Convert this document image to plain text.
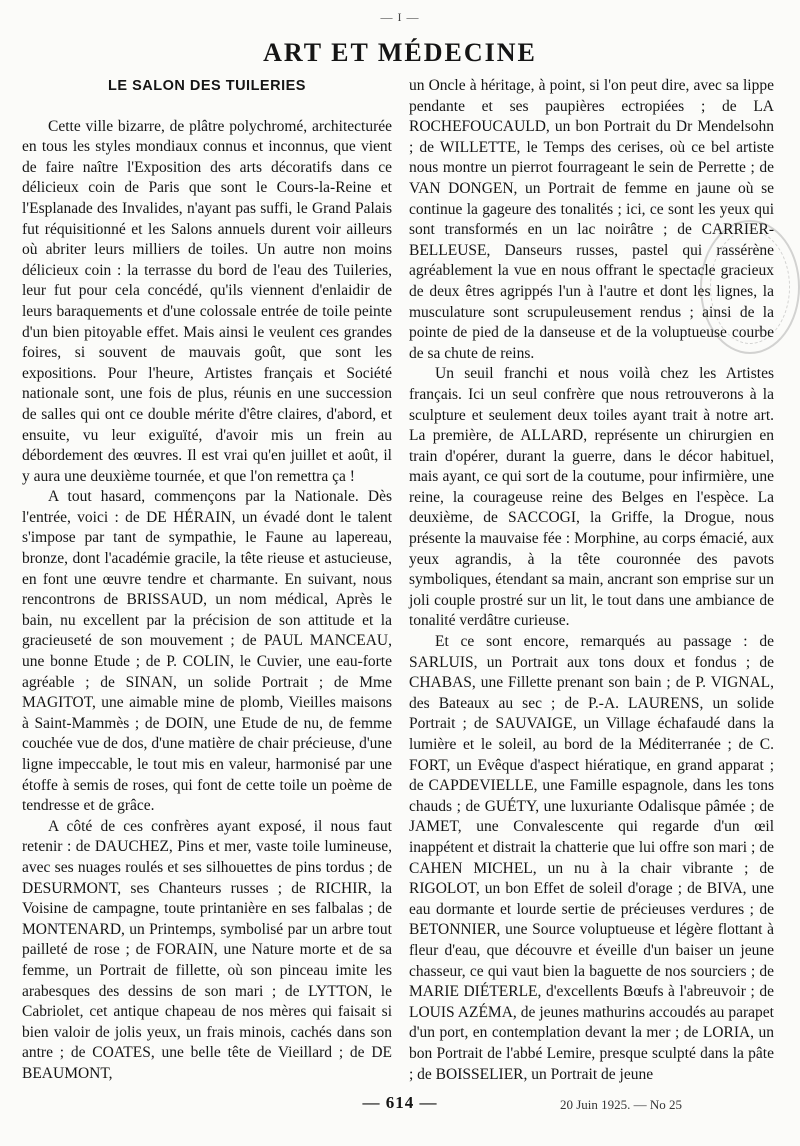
— I —
ART ET MÉDECINE
LE SALON DES TUILERIES

Cette ville bizarre, de plâtre polychromé, architecturée en tous les styles mondiaux connus et inconnus, que vient de faire naître l'Exposition des arts décoratifs dans ce délicieux coin de Paris que sont le Cours-la-Reine et l'Esplanade des Invalides, n'ayant pas suffi, le Grand Palais fut réquisitionné et les Salons annuels durent voir ailleurs où abriter leurs milliers de toiles. Un autre non moins délicieux coin : la terrasse du bord de l'eau des Tuileries, leur fut pour cela concédé, qu'ils viennent d'enlaidir de leurs baraquements et d'une colossale entrée de toile peinte d'un bien pitoyable effet. Mais ainsi le veulent ces grandes foires, si souvent de mauvais goût, que sont les expositions. Pour l'heure, Artistes français et Société nationale sont, une fois de plus, réunis en une succession de salles qui ont ce double mérite d'être claires, d'abord, et ensuite, vu leur exiguïté, d'avoir mis un frein au débordement des œuvres. Il est vrai qu'en juillet et août, il y aura une deuxième tournée, et que l'on remettra ça !

A tout hasard, commençons par la Nationale. Dès l'entrée, voici : de DE HÉRAIN, un évadé dont le talent s'impose par tant de sympathie, le Faune au lapereau, bronze, dont l'académie gracile, la tête rieuse et astucieuse, en font une œuvre tendre et charmante. En suivant, nous rencontrons de BRISSAUD, un nom médical, Après le bain, nu excellent par la précision de son attitude et la gracieuseté de son mouvement ; de PAUL MANCEAU, une bonne Etude ; de P. COLIN, le Cuvier, une eau-forte agréable ; de SINAN, un solide Portrait ; de Mme MAGITOT, une aimable mine de plomb, Vieilles maisons à Saint-Mammès ; de DOIN, une Etude de nu, de femme couchée vue de dos, d'une matière de chair précieuse, d'une ligne impeccable, le tout mis en valeur, harmonisé par une étoffe à semis de roses, qui font de cette toile un poème de tendresse et de grâce.

A côté de ces confrères ayant exposé, il nous faut retenir : de DAUCHEZ, Pins et mer, vaste toile lumineuse, avec ses nuages roulés et ses silhouettes de pins tordus ; de DESURMONT, ses Chanteurs russes ; de RICHIR, la Voisine de campagne, toute printanière en ses falbalas ; de MONTENARD, un Printemps, symbolisé par un arbre tout pailleté de rose ; de FORAIN, une Nature morte et de sa femme, un Portrait de fillette, où son pinceau imite les arabesques des dessins de son mari ; de LYTTON, le Cabriolet, cet antique chapeau de nos mères qui faisait si bien valoir de jolis yeux, un frais minois, cachés dans son antre ; de COATES, une belle tête de Vieillard ; de DE BEAUMONT,

un Oncle à héritage, à point, si l'on peut dire, avec sa lippe pendante et ses paupières ectropiées ; de LA ROCHEFOUCAULD, un bon Portrait du Dr Mendelsohn ; de WILLETTE, le Temps des cerises, où ce bel artiste nous montre un pierrot fourrageant le sein de Perrette ; de VAN DONGEN, un Portrait de femme en jaune où se continue la gageure des tonalités ; ici, ce sont les yeux qui sont transformés en un lac noirâtre ; de CARRIER-BELLEUSE, Danseurs russes, pastel qui rassérène agréablement la vue en nous offrant le spectacle gracieux de deux êtres agrippés l'un à l'autre et dont les lignes, la musculature sont scrupuleusement rendus ; ainsi de la pointe de pied de la danseuse et de la voluptueuse courbe de sa chute de reins.

Un seuil franchi et nous voilà chez les Artistes français. Ici un seul confrère que nous retrouverons à la sculpture et seulement deux toiles ayant trait à notre art. La première, de ALLARD, représente un chirurgien en train d'opérer, durant la guerre, dans le décor habituel, mais ayant, ce qui sort de la coutume, pour infirmière, une reine, la courageuse reine des Belges en l'espèce. La deuxième, de SACCOGI, la Griffe, la Drogue, nous présente la mauvaise fée : Morphine, au corps émacié, aux yeux agrandis, à la tête couronnée des pavots symboliques, étendant sa main, ancrant son emprise sur un joli couple prostré sur un lit, le tout dans une ambiance de tonalité verdâtre curieuse.

Et ce sont encore, remarqués au passage : de SARLUIS, un Portrait aux tons doux et fondus ; de CHABAS, une Fillette prenant son bain ; de P. VIGNAL, des Bateaux au sec ; de P.-A. LAURENS, un solide Portrait ; de SAUVAIGE, un Village échafaudé dans la lumière et le soleil, au bord de la Méditerranée ; de C. FORT, un Evêque d'aspect hiératique, en grand apparat ; de CAPDEVIELLE, une Famille espagnole, dans les tons chauds ; de GUÉTY, une luxuriante Odalisque pâmée ; de JAMET, une Convalescente qui regarde d'un œil inappétent et distrait la chatterie que lui offre son mari ; de CAHEN MICHEL, un nu à la chair vibrante ; de RIGOLOT, un bon Effet de soleil d'orage ; de BIVA, une eau dormante et lourde sertie de précieuses verdures ; de BETONNIER, une Source voluptueuse et légère flottant à fleur d'eau, que découvre et éveille d'un baiser un jeune chasseur, ce qui vaut bien la baguette de nos sourciers ; de MARIE DIÉTERLE, d'excellents Bœufs à l'abreuvoir ; de LOUIS AZÉMA, de jeunes mathurins accoudés au parapet d'un port, en contemplation devant la mer ; de LORIA, un bon Portrait de l'abbé Lemire, presque sculpté dans la pâte ; de BOISSELIER, un Portrait de jeune

— 614 —	20 Juin 1925. — No 25
